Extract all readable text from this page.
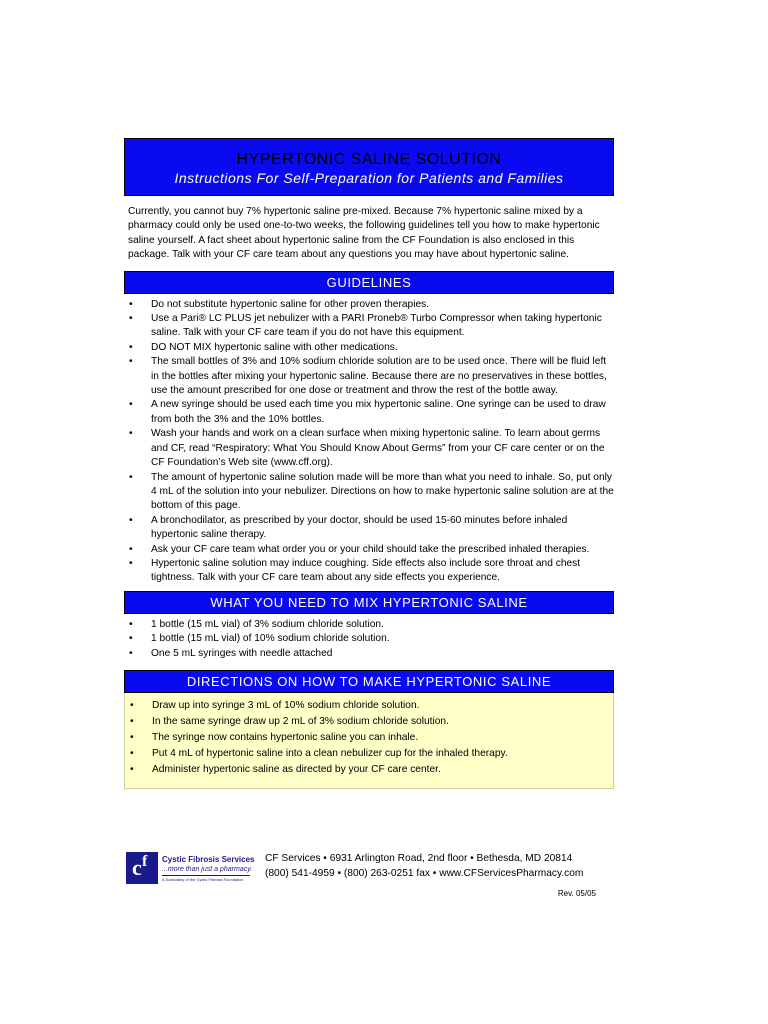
HYPERTONIC SALINE SOLUTION
Instructions For Self-Preparation for Patients and Families
Currently, you cannot buy 7% hypertonic saline pre-mixed. Because 7% hypertonic saline mixed by a pharmacy could only be used one-to-two weeks, the following guidelines tell you how to make hypertonic saline yourself. A fact sheet about hypertonic saline from the CF Foundation is also enclosed in this package. Talk with your CF care team about any questions you may have about hypertonic saline.
GUIDELINES
• Do not substitute hypertonic saline for other proven therapies.
• Use a Pari® LC PLUS jet nebulizer with a PARI Proneb® Turbo Compressor when taking hypertonic saline. Talk with your CF care team if you do not have this equipment.
• DO NOT MIX hypertonic saline with other medications.
• The small bottles of 3% and 10% sodium chloride solution are to be used once. There will be fluid left in the bottles after mixing your hypertonic saline. Because there are no preservatives in these bottles, use the amount prescribed for one dose or treatment and throw the rest of the bottle away.
• A new syringe should be used each time you mix hypertonic saline. One syringe can be used to draw from both the 3% and the 10% bottles.
• Wash your hands and work on a clean surface when mixing hypertonic saline. To learn about germs and CF, read “Respiratory: What You Should Know About Germs” from your CF care center or on the CF Foundation’s Web site (www.cff.org).
• The amount of hypertonic saline solution made will be more than what you need to inhale. So, put only 4 mL of the solution into your nebulizer. Directions on how to make hypertonic saline solution are at the bottom of this page.
• A bronchodilator, as prescribed by your doctor, should be used 15-60 minutes before inhaled hypertonic saline therapy.
• Ask your CF care team what order you or your child should take the prescribed inhaled therapies.
• Hypertonic saline solution may induce coughing. Side effects also include sore throat and chest tightness. Talk with your CF care team about any side effects you experience.
WHAT YOU NEED TO MIX HYPERTONIC SALINE
• 1 bottle (15 mL vial) of 3% sodium chloride solution.
• 1 bottle (15 mL vial) of 10% sodium chloride solution.
• One 5 mL syringes with needle attached
DIRECTIONS ON HOW TO MAKE HYPERTONIC SALINE
• Draw up into syringe 3 mL of 10% sodium chloride solution.
• In the same syringe draw up 2 mL of 3% sodium chloride solution.
• The syringe now contains hypertonic saline you can inhale.
• Put 4 mL of hypertonic saline into a clean nebulizer cup for the inhaled therapy.
• Administer hypertonic saline as directed by your CF care center.
c f Cystic Fibrosis Services
...more than just a pharmacy.
A Subsidiary of the Cystic Fibrosis Foundation
CF Services • 6931 Arlington Road, 2nd floor • Bethesda, MD 20814
(800) 541-4959 • (800) 263-0251 fax • www.CFServicesPharmacy.com
Rev. 05/05
